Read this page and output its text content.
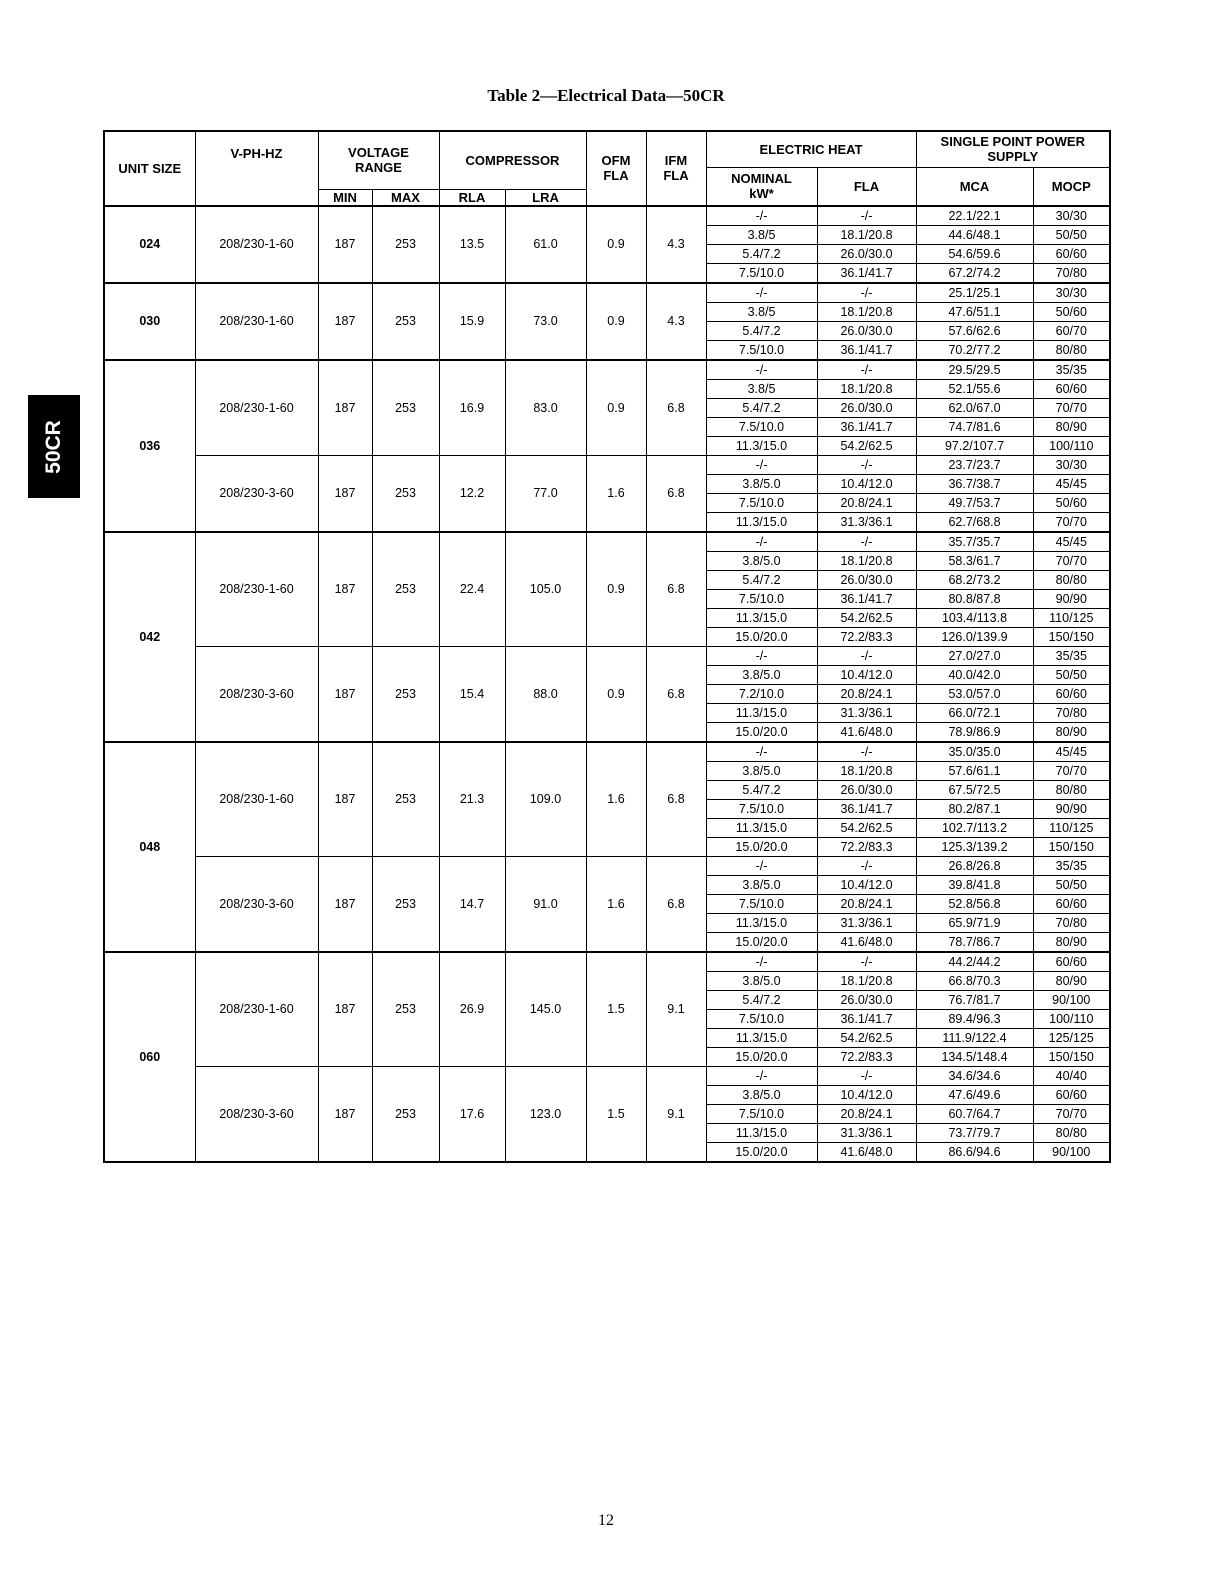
Table 2—Electrical Data—50CR
50CR
UNIT SIZE	V-PH-HZ	VOLTAGE RANGE		COMPRESSOR		OFM FLA	IFM FLA	ELECTRIC HEAT		SINGLE POINT POWER SUPPLY	
								NOMINAL kW*	FLA	MCA	MOCP
		MIN	MAX	RLA	LRA						
024	208/230-1-60	187	253	13.5	61.0	0.9	4.3	-/-	-/-	22.1/22.1	30/30
								3.8/5	18.1/20.8	44.6/48.1	50/50
								5.4/7.2	26.0/30.0	54.6/59.6	60/60
								7.5/10.0	36.1/41.7	67.2/74.2	70/80
030	208/230-1-60	187	253	15.9	73.0	0.9	4.3	-/-	-/-	25.1/25.1	30/30
								3.8/5	18.1/20.8	47.6/51.1	50/60
								5.4/7.2	26.0/30.0	57.6/62.6	60/70
								7.5/10.0	36.1/41.7	70.2/77.2	80/80
036	208/230-1-60	187	253	16.9	83.0	0.9	6.8	-/-	-/-	29.5/29.5	35/35
								3.8/5	18.1/20.8	52.1/55.6	60/60
								5.4/7.2	26.0/30.0	62.0/67.0	70/70
								7.5/10.0	36.1/41.7	74.7/81.6	80/90
								11.3/15.0	54.2/62.5	97.2/107.7	100/110
	208/230-3-60	187	253	12.2	77.0	1.6	6.8	-/-	-/-	23.7/23.7	30/30
								3.8/5.0	10.4/12.0	36.7/38.7	45/45
								7.5/10.0	20.8/24.1	49.7/53.7	50/60
								11.3/15.0	31.3/36.1	62.7/68.8	70/70
042	208/230-1-60	187	253	22.4	105.0	0.9	6.8	-/-	-/-	35.7/35.7	45/45
								3.8/5.0	18.1/20.8	58.3/61.7	70/70
								5.4/7.2	26.0/30.0	68.2/73.2	80/80
								7.5/10.0	36.1/41.7	80.8/87.8	90/90
								11.3/15.0	54.2/62.5	103.4/113.8	110/125
								15.0/20.0	72.2/83.3	126.0/139.9	150/150
	208/230-3-60	187	253	15.4	88.0	0.9	6.8	-/-	-/-	27.0/27.0	35/35
								3.8/5.0	10.4/12.0	40.0/42.0	50/50
								7.2/10.0	20.8/24.1	53.0/57.0	60/60
								11.3/15.0	31.3/36.1	66.0/72.1	70/80
								15.0/20.0	41.6/48.0	78.9/86.9	80/90
048	208/230-1-60	187	253	21.3	109.0	1.6	6.8	-/-	-/-	35.0/35.0	45/45
								3.8/5.0	18.1/20.8	57.6/61.1	70/70
								5.4/7.2	26.0/30.0	67.5/72.5	80/80
								7.5/10.0	36.1/41.7	80.2/87.1	90/90
								11.3/15.0	54.2/62.5	102.7/113.2	110/125
								15.0/20.0	72.2/83.3	125.3/139.2	150/150
	208/230-3-60	187	253	14.7	91.0	1.6	6.8	-/-	-/-	26.8/26.8	35/35
								3.8/5.0	10.4/12.0	39.8/41.8	50/50
								7.5/10.0	20.8/24.1	52.8/56.8	60/60
								11.3/15.0	31.3/36.1	65.9/71.9	70/80
								15.0/20.0	41.6/48.0	78.7/86.7	80/90
060	208/230-1-60	187	253	26.9	145.0	1.5	9.1	-/-	-/-	44.2/44.2	60/60
								3.8/5.0	18.1/20.8	66.8/70.3	80/90
								5.4/7.2	26.0/30.0	76.7/81.7	90/100
								7.5/10.0	36.1/41.7	89.4/96.3	100/110
								11.3/15.0	54.2/62.5	111.9/122.4	125/125
								15.0/20.0	72.2/83.3	134.5/148.4	150/150
	208/230-3-60	187	253	17.6	123.0	1.5	9.1	-/-	-/-	34.6/34.6	40/40
								3.8/5.0	10.4/12.0	47.6/49.6	60/60
								7.5/10.0	20.8/24.1	60.7/64.7	70/70
								11.3/15.0	31.3/36.1	73.7/79.7	80/80
								15.0/20.0	41.6/48.0	86.6/94.6	90/100
12
